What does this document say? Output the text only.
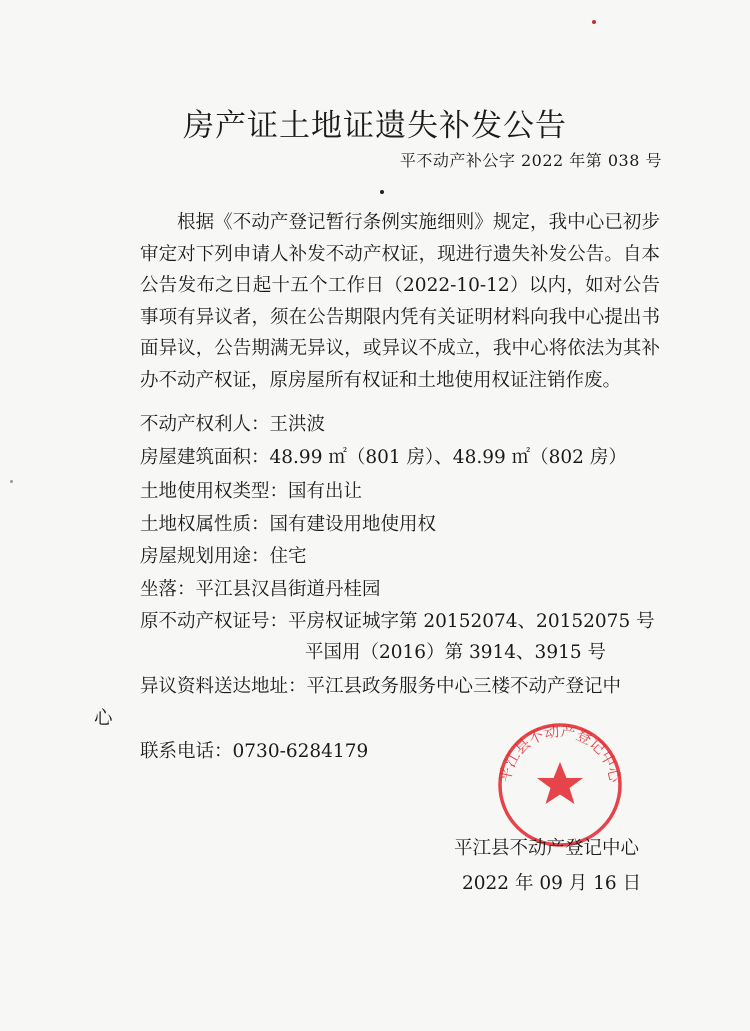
房产证土地证遗失补发公告
平不动产补公字 2022 年第 038 号
根据《不动产登记暂行条例实施细则》规定，我中心已初步审定对下列申请人补发不动产权证，现进行遗失补发公告。自本公告发布之日起十五个工作日（2022-10-12）以内，如对公告事项有异议者，须在公告期限内凭有关证明材料向我中心提出书面异议，公告期满无异议，或异议不成立，我中心将依法为其补办不动产权证，原房屋所有权证和土地使用权证注销作废。
不动产权利人：王洪波
房屋建筑面积：48.99 ㎡（801 房）、48.99 ㎡（802 房）
土地使用权类型：国有出让
土地权属性质：国有建设用地使用权
房屋规划用途：住宅
坐落：平江县汉昌街道丹桂园
原不动产权证号：平房权证城字第 20152074、20152075 号
平国用（2016）第 3914、3915 号
异议资料送达地址：平江县政务服务中心三楼不动产登记中
心
联系电话：0730-6284179
平江县不动产登记中心
平江县不动产登记中心
2022 年 09 月 16 日
